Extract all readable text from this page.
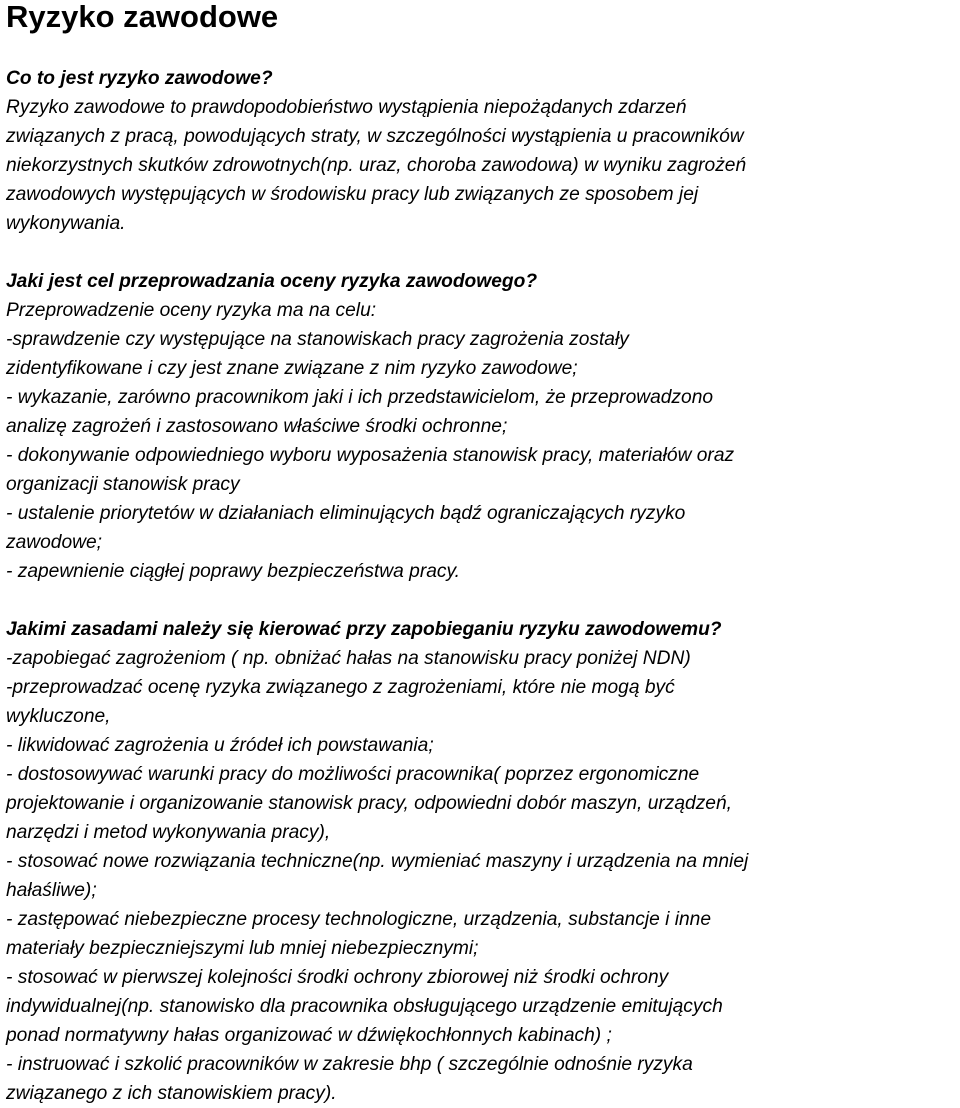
Ryzyko zawodowe
Co to jest ryzyko zawodowe?
Ryzyko zawodowe to prawdopodobieństwo wystąpienia niepożądanych zdarzeń
związanych z pracą, powodujących straty, w szczególności wystąpienia u pracowników
niekorzystnych skutków zdrowotnych(np. uraz, choroba zawodowa) w wyniku zagrożeń
zawodowych występujących w środowisku pracy lub związanych ze sposobem jej
wykonywania.
Jaki jest cel przeprowadzania oceny ryzyka zawodowego?
Przeprowadzenie oceny ryzyka ma na celu:
-sprawdzenie czy występujące na stanowiskach pracy zagrożenia zostały
zidentyfikowane i czy jest znane związane z nim ryzyko zawodowe;
- wykazanie, zarówno pracownikom jaki i ich przedstawicielom, że przeprowadzono
analizę zagrożeń i zastosowano właściwe środki ochronne;
- dokonywanie odpowiedniego wyboru wyposażenia stanowisk pracy, materiałów oraz
organizacji stanowisk pracy
- ustalenie priorytetów w działaniach eliminujących bądź ograniczających ryzyko
zawodowe;
- zapewnienie ciągłej poprawy bezpieczeństwa pracy.
Jakimi zasadami należy się kierować przy zapobieganiu ryzyku zawodowemu?
-zapobiegać zagrożeniom ( np. obniżać hałas na stanowisku pracy poniżej NDN)
-przeprowadzać ocenę ryzyka związanego z zagrożeniami, które nie mogą być
wykluczone,
- likwidować zagrożenia u źródeł ich powstawania;
- dostosowywać warunki pracy do możliwości pracownika( poprzez ergonomiczne
projektowanie i organizowanie stanowisk pracy, odpowiedni dobór maszyn, urządzeń,
narzędzi i metod wykonywania pracy),
- stosować nowe rozwiązania techniczne(np. wymieniać maszyny i urządzenia na mniej
hałaśliwe);
- zastępować niebezpieczne procesy technologiczne, urządzenia, substancje i inne
materiały bezpieczniejszymi lub mniej niebezpiecznymi;
- stosować w pierwszej kolejności środki ochrony zbiorowej niż środki ochrony
indywidualnej(np. stanowisko dla pracownika obsługującego urządzenie emitujących
ponad normatywny hałas organizować w dźwiękochłonnych kabinach) ;
- instruować i szkolić pracowników w zakresie bhp ( szczególnie odnośnie ryzyka
związanego z ich stanowiskiem pracy).
